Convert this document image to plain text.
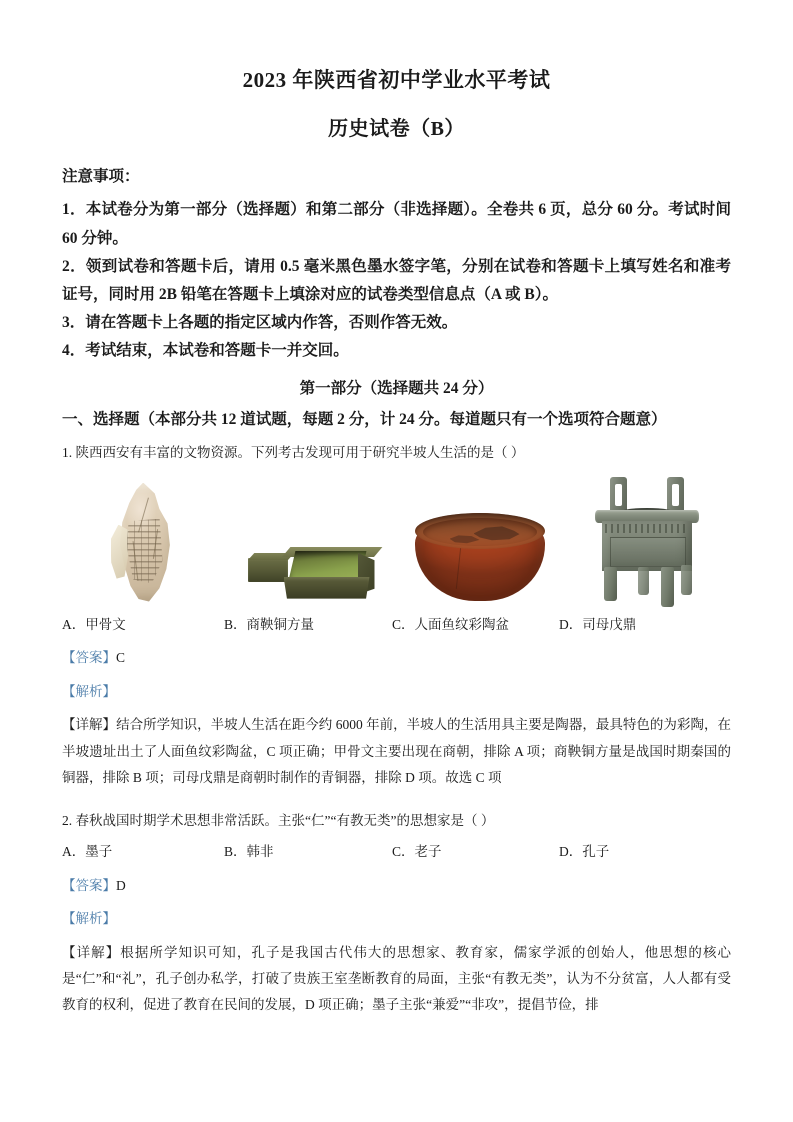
2023 年陕西省初中学业水平考试
历史试卷（B）
注意事项：

1．本试卷分为第一部分（选择题）和第二部分（非选择题）。全卷共 6 页，总分 60 分。考试时间 60 分钟。

2．领到试卷和答题卡后，请用 0.5 毫米黑色墨水签字笔，分别在试卷和答题卡上填写姓名和准考证号，同时用 2B 铅笔在答题卡上填涂对应的试卷类型信息点（A 或 B）。

3．请在答题卡上各题的指定区域内作答，否则作答无效。

4．考试结束，本试卷和答题卡一并交回。

第一部分（选择题共 24 分）
一、选择题（本部分共 12 道试题，每题 2 分，计 24 分。每道题只有一个选项符合题意）
1. 陕西西安有丰富的文物资源。下列考古发现可用于研究半坡人生活的是（ ）
A．甲骨文	B．商鞅铜方量	C．人面鱼纹彩陶盆	D．司母戊鼎
【答案】C
【解析】

【详解】结合所学知识，半坡人生活在距今约 6000 年前，半坡人的生活用具主要是陶器，最具特色的为彩陶，在半坡遗址出土了人面鱼纹彩陶盆，C 项正确；甲骨文主要出现在商朝，排除 A 项；商鞅铜方量是战国时期秦国的铜器，排除 B 项；司母戊鼎是商朝时制作的青铜器，排除 D 项。故选 C 项

2. 春秋战国时期学术思想非常活跃。主张“仁”“有教无类”的思想家是（ ）
A．墨子	B．韩非	C．老子	D．孔子
【答案】D
【解析】

【详解】根据所学知识可知，孔子是我国古代伟大的思想家、教育家，儒家学派的创始人，他思想的核心是“仁”和“礼”，孔子创办私学，打破了贵族王室垄断教育的局面，主张“有教无类”，认为不分贫富，人人都有受教育的权利，促进了教育在民间的发展，D 项正确；墨子主张“兼爱”“非攻”，提倡节俭，排
